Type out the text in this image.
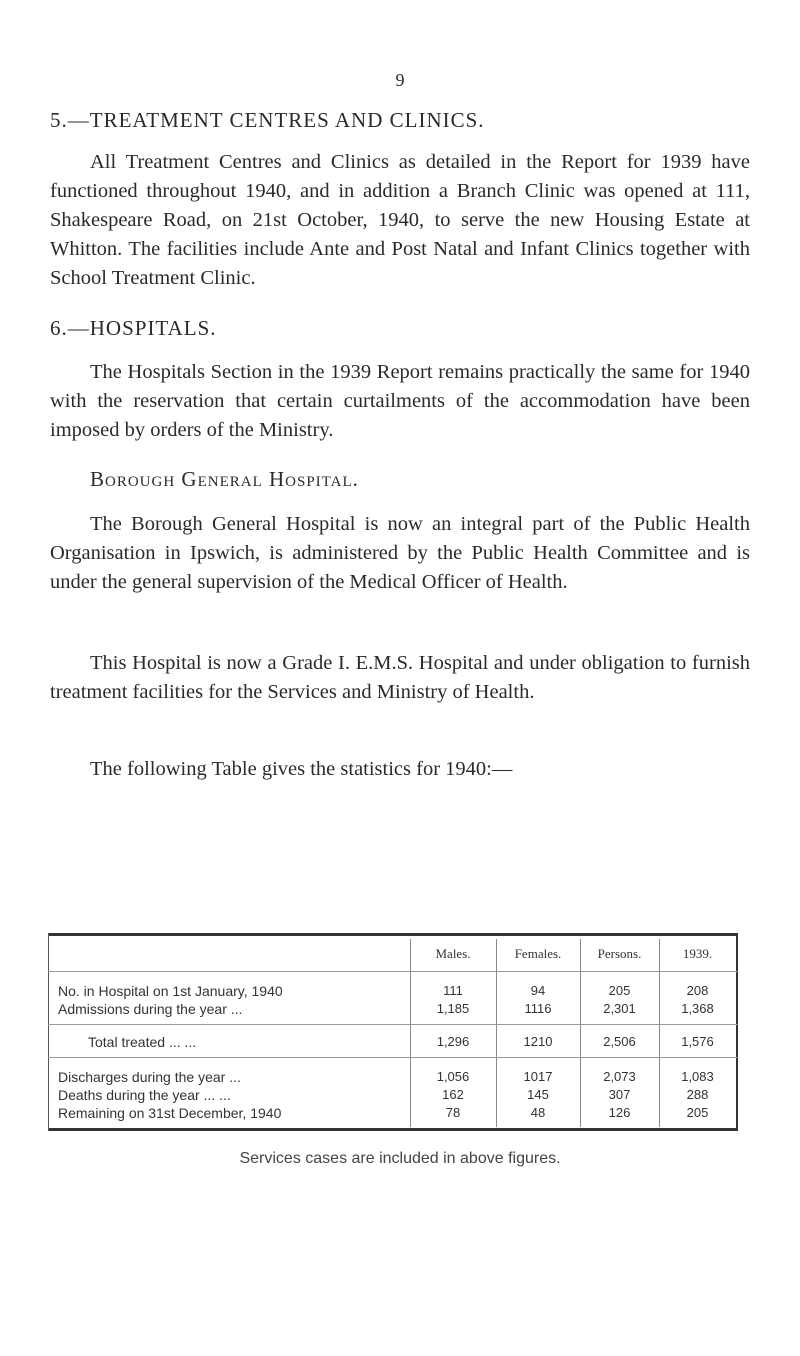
9
5.—TREATMENT CENTRES AND CLINICS.
All Treatment Centres and Clinics as detailed in the Report for 1939 have functioned throughout 1940, and in addition a Branch Clinic was opened at 111, Shakespeare Road, on 21st October, 1940, to serve the new Housing Estate at Whitton. The facilities include Ante and Post Natal and Infant Clinics together with School Treatment Clinic.
6.—HOSPITALS.
The Hospitals Section in the 1939 Report remains practically the same for 1940 with the reservation that certain curtailments of the accommodation have been imposed by orders of the Ministry.
Borough General Hospital.
The Borough General Hospital is now an integral part of the Public Health Organisation in Ipswich, is administered by the Public Health Committee and is under the general supervision of the Medical Officer of Health.
This Hospital is now a Grade I. E.M.S. Hospital and under obligation to furnish treatment facilities for the Services and Ministry of Health.
The following Table gives the statistics for 1940:—
Males.	Females.	Persons.	1939.
No. in Hospital on 1st January, 1940	111	94	205	208
Admissions during the year ...	1,185	1116	2,301	1,368
Total treated ... ...	1,296	1210	2,506	1,576
Discharges during the year ...	1,056	1017	2,073	1,083
Deaths during the year ... ...	162	145	307	288
Remaining on 31st December, 1940	78	48	126	205
Services cases are included in above figures.
